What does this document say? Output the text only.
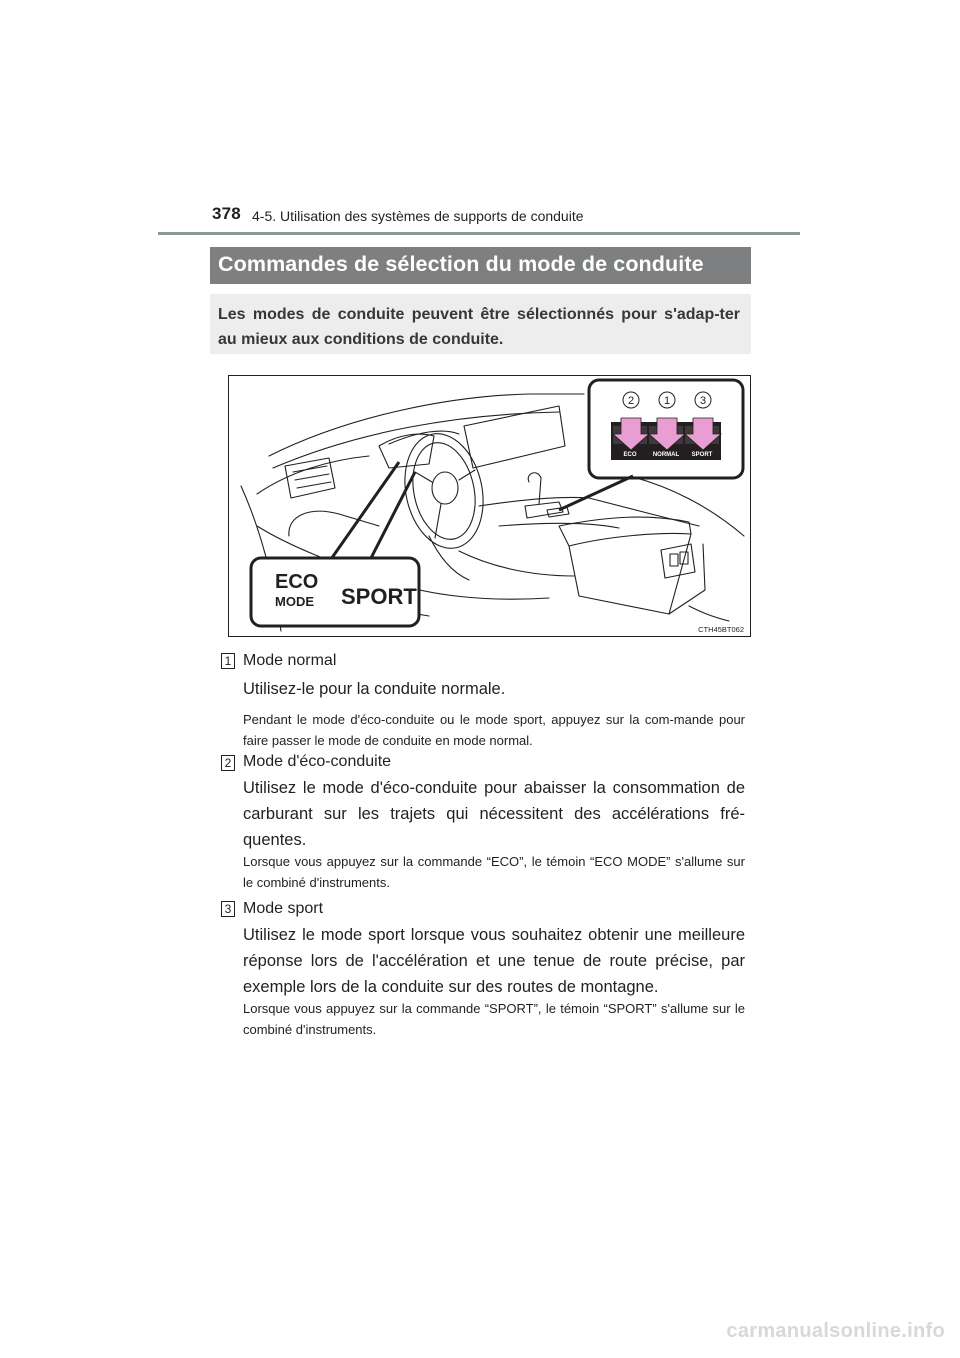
378 4-5. Utilisation des systèmes de supports de conduite
Commandes de sélection du mode de conduite
Les modes de conduite peuvent être sélectionnés pour s'adap-ter au mieux aux conditions de conduite.
ECO	NORMAL SPORT
2	1	3
ECO
MODE SPORT
CTH45BT062
1 Mode normal
Utilisez-le pour la conduite normale.
Pendant le mode d'éco-conduite ou le mode sport, appuyez sur la com-mande pour faire passer le mode de conduite en mode normal.
2 Mode d'éco-conduite
Utilisez le mode d'éco-conduite pour abaisser la consommation de carburant sur les trajets qui nécessitent des accélérations fré-quentes.
Lorsque vous appuyez sur la commande “ECO”, le témoin “ECO MODE” s'allume sur le combiné d'instruments.
3 Mode sport
Utilisez le mode sport lorsque vous souhaitez obtenir une meilleure réponse lors de l'accélération et une tenue de route précise, par exemple lors de la conduite sur des routes de montagne.
Lorsque vous appuyez sur la commande “SPORT”, le témoin “SPORT” s'allume sur le combiné d'instruments.
carmanualsonline.info
